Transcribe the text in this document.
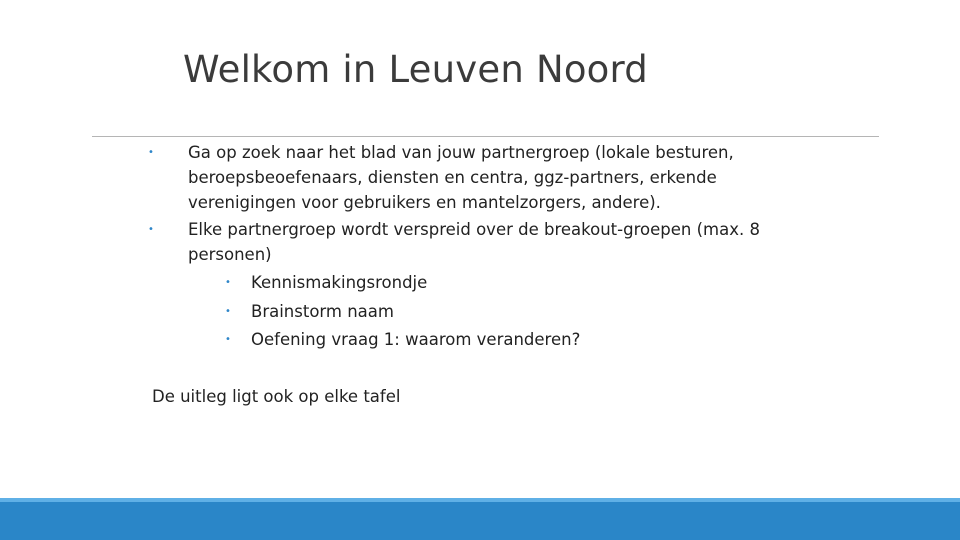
Welkom in Leuven Noord
• Ga op zoek naar het blad van jouw partnergroep (lokale besturen, beroepsbeoefenaars, diensten en centra, ggz-partners, erkende verenigingen voor gebruikers en mantelzorgers, andere).
• Elke partnergroep wordt verspreid over de breakout-groepen (max. 8 personen)
• Kennismakingsrondje
• Brainstorm naam
• Oefening vraag 1: waarom veranderen?
De uitleg ligt ook op elke tafel
